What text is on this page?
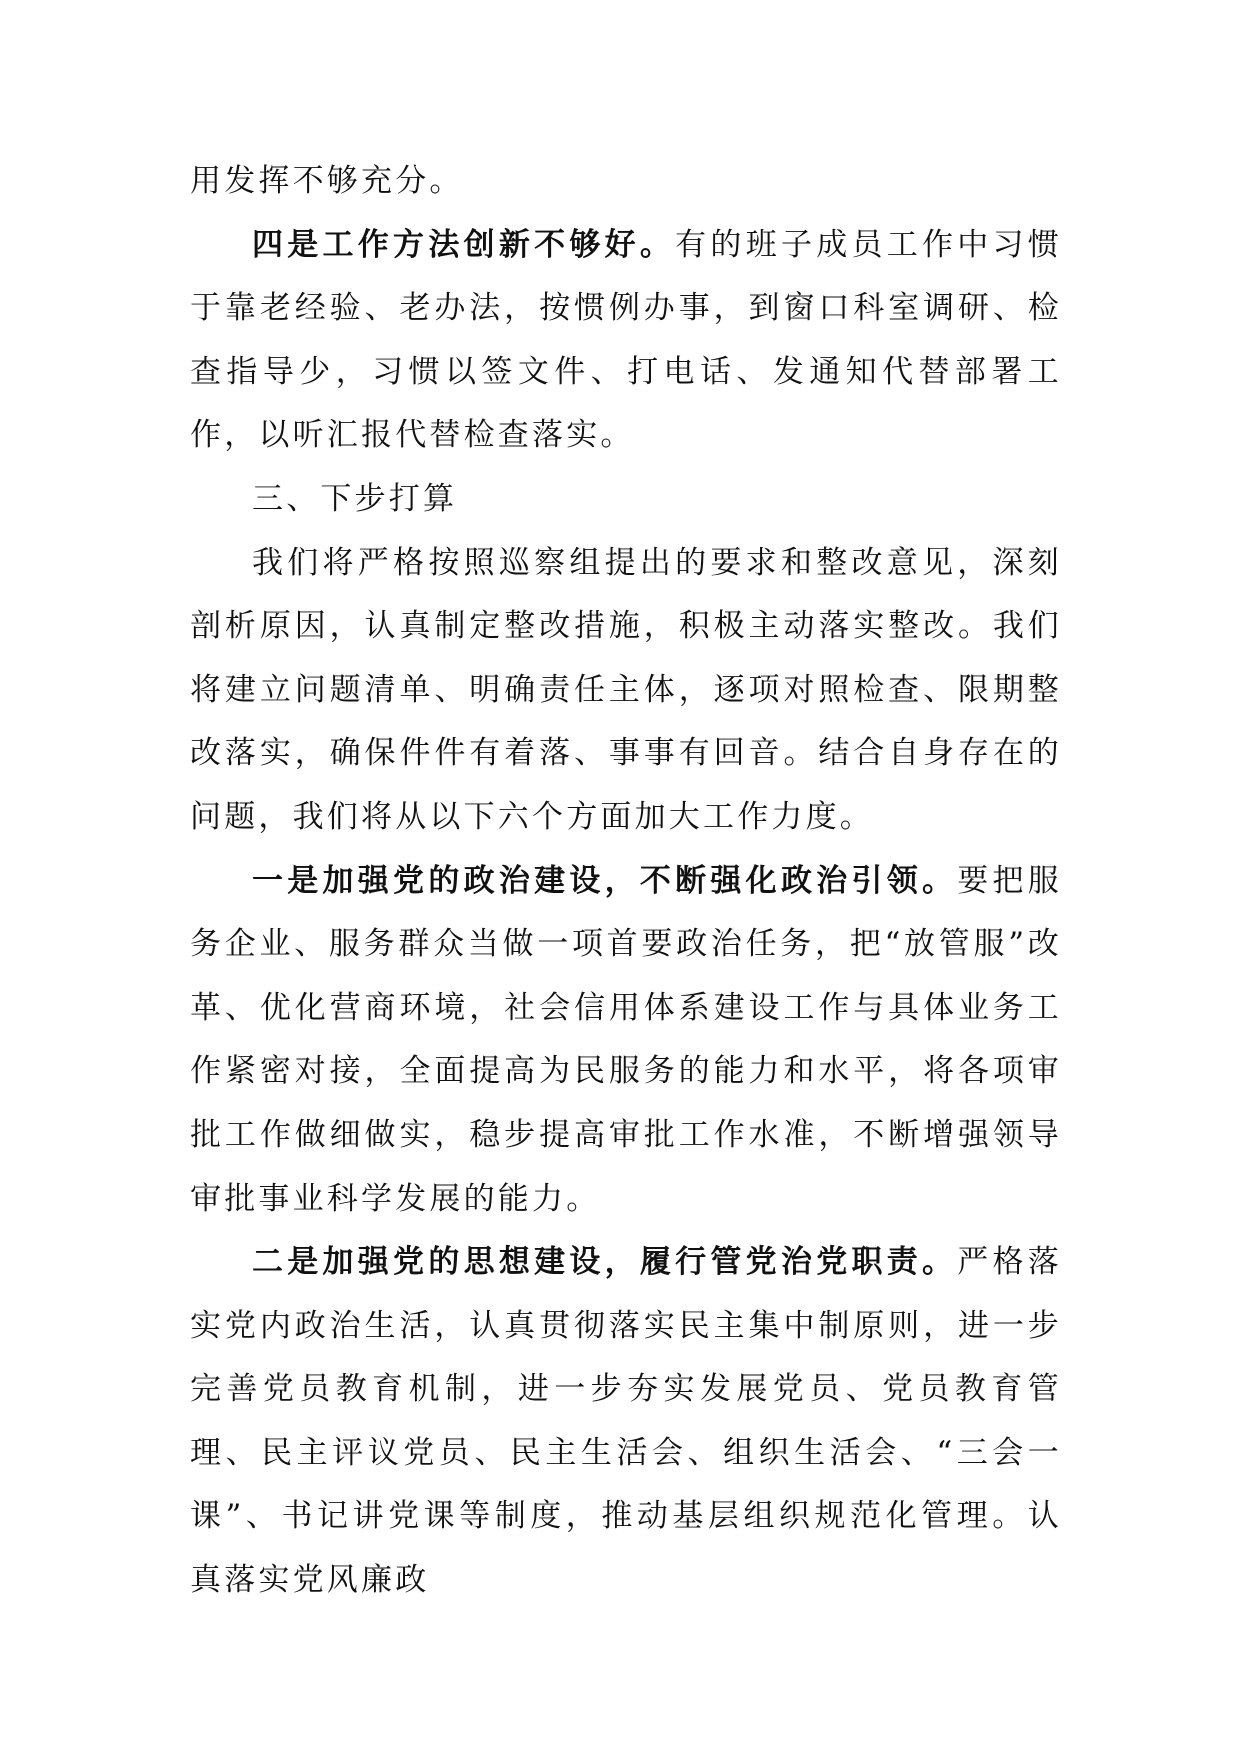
用发挥不够充分。

四是工作方法创新不够好。有的班子成员工作中习惯于靠老经验、老办法，按惯例办事，到窗口科室调研、检查指导少，习惯以签文件、打电话、发通知代替部署工作，以听汇报代替检查落实。

三、下步打算

我们将严格按照巡察组提出的要求和整改意见，深刻剖析原因，认真制定整改措施，积极主动落实整改。我们将建立问题清单、明确责任主体，逐项对照检查、限期整改落实，确保件件有着落、事事有回音。结合自身存在的问题，我们将从以下六个方面加大工作力度。

一是加强党的政治建设，不断强化政治引领。要把服务企业、服务群众当做一项首要政治任务，把“放管服”改革、优化营商环境，社会信用体系建设工作与具体业务工作紧密对接，全面提高为民服务的能力和水平，将各项审批工作做细做实，稳步提高审批工作水准，不断增强领导审批事业科学发展的能力。

二是加强党的思想建设，履行管党治党职责。严格落实党内政治生活，认真贯彻落实民主集中制原则，进一步完善党员教育机制，进一步夯实发展党员、党员教育管理、民主评议党员、民主生活会、组织生活会、“三会一课”、书记讲党课等制度，推动基层组织规范化管理。认真落实党风廉政
